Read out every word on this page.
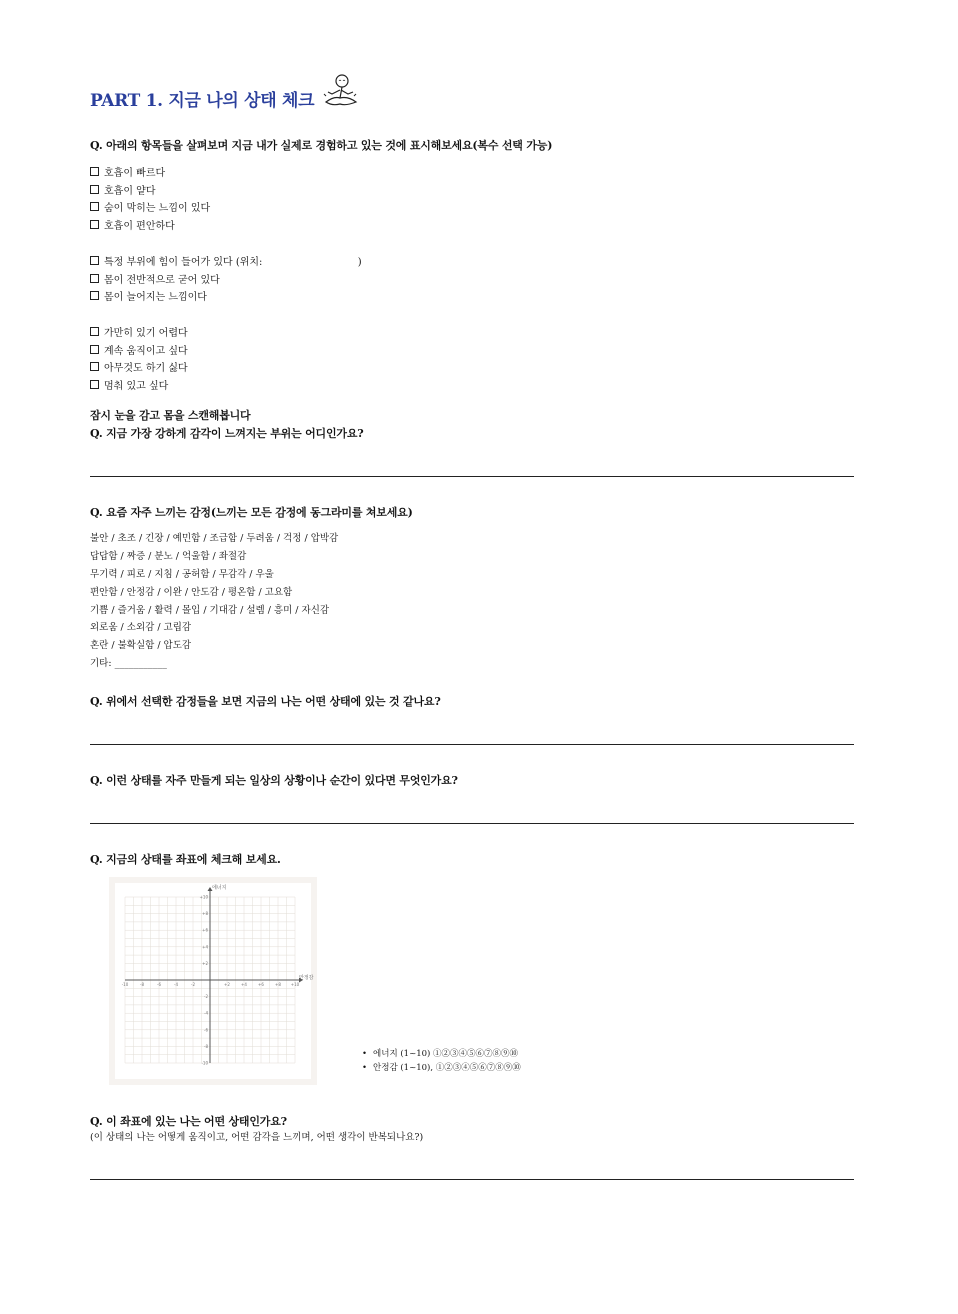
PART 1. 지금 나의 상태 체크
Q. 아래의 항목들을 살펴보며 지금 내가 실제로 경험하고 있는 것에 표시해보세요(복수 선택 가능)
호흡이 빠르다
호흡이 얕다
숨이 막히는 느낌이 있다
호흡이 편안하다
특정 부위에 힘이 들어가 있다 (위치:                              )
몸이 전반적으로 굳어 있다
몸이 늘어지는 느낌이다
가만히 있기 어렵다
계속 움직이고 싶다
아무것도 하기 싫다
멈춰 있고 싶다
잠시 눈을 감고 몸을 스캔해봅니다
Q. 지금 가장 강하게 감각이 느껴지는 부위는 어디인가요?
Q. 요즘 자주 느끼는 감정(느끼는 모든 감정에 동그라미를 쳐보세요)
불안 / 초조 / 긴장 / 예민함 / 조급함 / 두려움 / 걱정 / 압박감
답답함 / 짜증 / 분노 / 억울함 / 좌절감
무기력 / 피로 / 지침 / 공허함 / 무감각 / 우울
편안함 / 안정감 / 이완 / 안도감 / 평온함 / 고요함
기쁨 / 즐거움 / 활력 / 몰입 / 기대감 / 설렘 / 흥미 / 자신감
외로움 / 소외감 / 고립감
혼란 / 불확실함 / 압도감
기타: ___________
Q. 위에서 선택한 감정들을 보면 지금의 나는 어떤 상태에 있는 것 같나요?
Q. 이런 상태를 자주 만들게 되는 일상의 상황이나 순간이 있다면 무엇인가요?
Q. 지금의 상태를 좌표에 체크해 보세요.
-10	-8	-6	-4	-2	+2	+4	+6	+8 +10
+10
+8
+6
+4
+2
-2
-4
-6
-8
-10
에너지
안정감
• 에너지 (1~10) ①②③④⑤⑥⑦⑧⑨⑩
• 안정감 (1~10), ①②③④⑤⑥⑦⑧⑨⑩
Q. 이 좌표에 있는 나는 어떤 상태인가요?
(이 상태의 나는 어떻게 움직이고, 어떤 감각을 느끼며, 어떤 생각이 반복되나요?)
